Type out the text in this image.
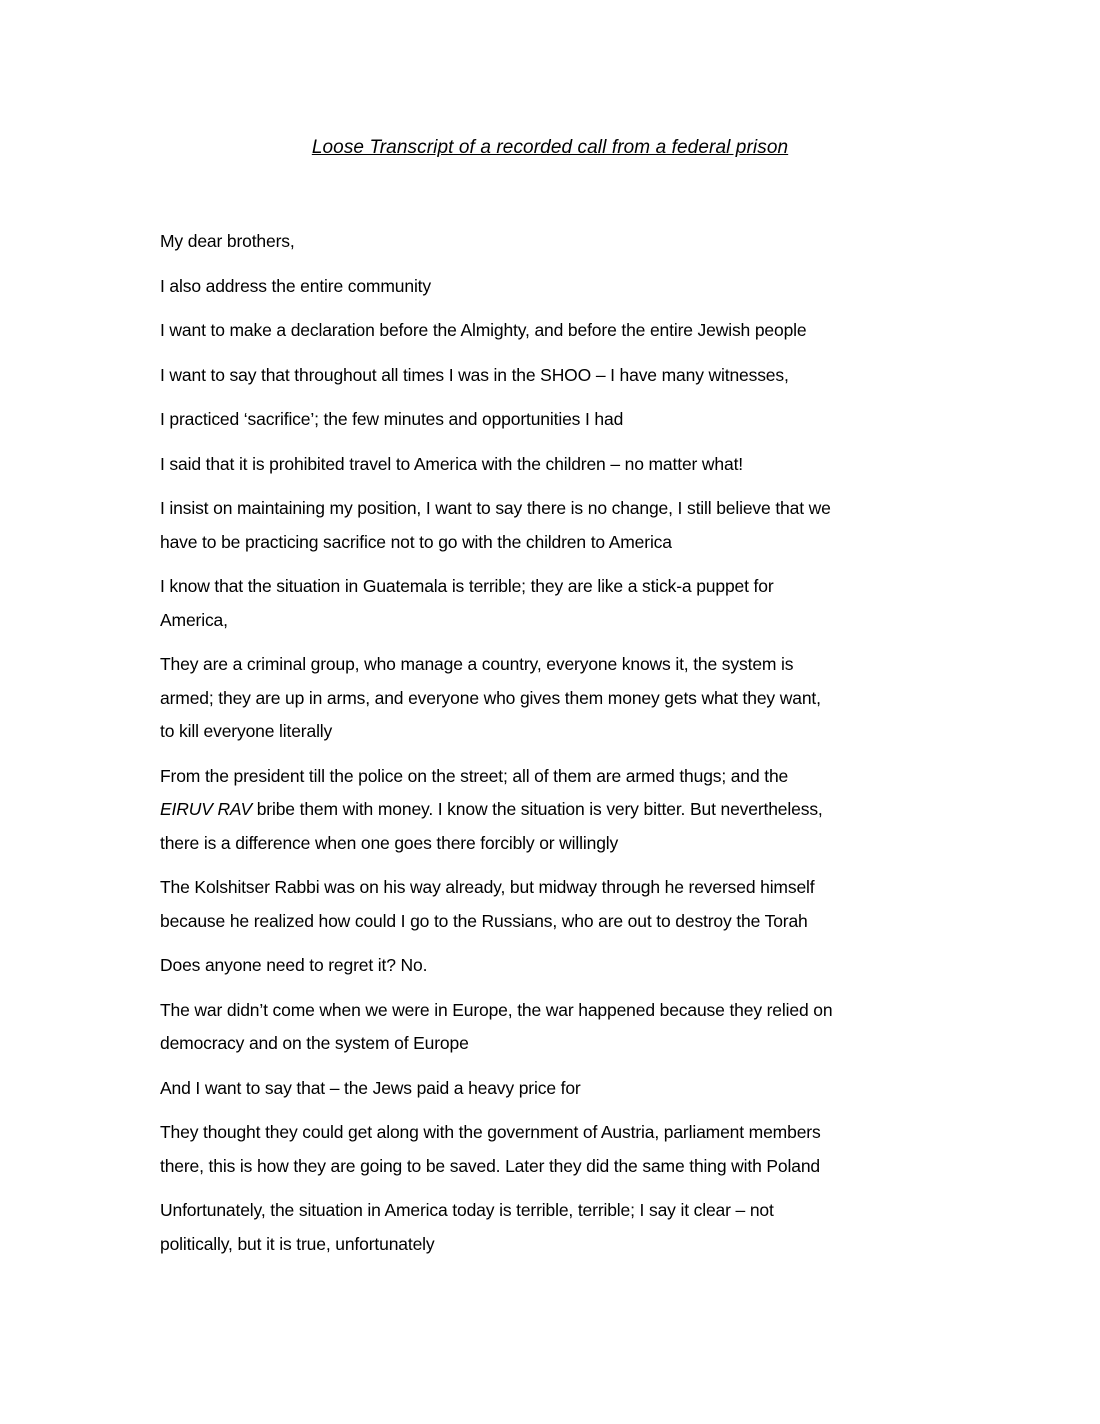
Loose Transcript of a recorded call from a federal prison

My dear brothers,

I also address the entire community

I want to make a declaration before the Almighty, and before the entire Jewish people

I want to say that throughout all times I was in the SHOO – I have many witnesses,

I practiced ‘sacrifice’; the few minutes and opportunities I had

I said that it is prohibited travel to America with the children – no matter what!

I insist on maintaining my position, I want to say there is no change, I still believe that we
have to be practicing sacrifice not to go with the children to America

I know that the situation in Guatemala is terrible; they are like a stick-a puppet for
America,

They are a criminal group, who manage a country, everyone knows it, the system is
armed; they are up in arms, and everyone who gives them money gets what they want,
to kill everyone literally

From the president till the police on the street; all of them are armed thugs; and the
EIRUV RAV bribe them with money. I know the situation is very bitter. But nevertheless,
there is a difference when one goes there forcibly or willingly

The Kolshitser Rabbi was on his way already, but midway through he reversed himself
because he realized how could I go to the Russians, who are out to destroy the Torah

Does anyone need to regret it? No.

The war didn’t come when we were in Europe, the war happened because they relied on
democracy and on the system of Europe

And I want to say that – the Jews paid a heavy price for

They thought they could get along with the government of Austria, parliament members
there, this is how they are going to be saved. Later they did the same thing with Poland

Unfortunately, the situation in America today is terrible, terrible; I say it clear – not
politically, but it is true, unfortunately
